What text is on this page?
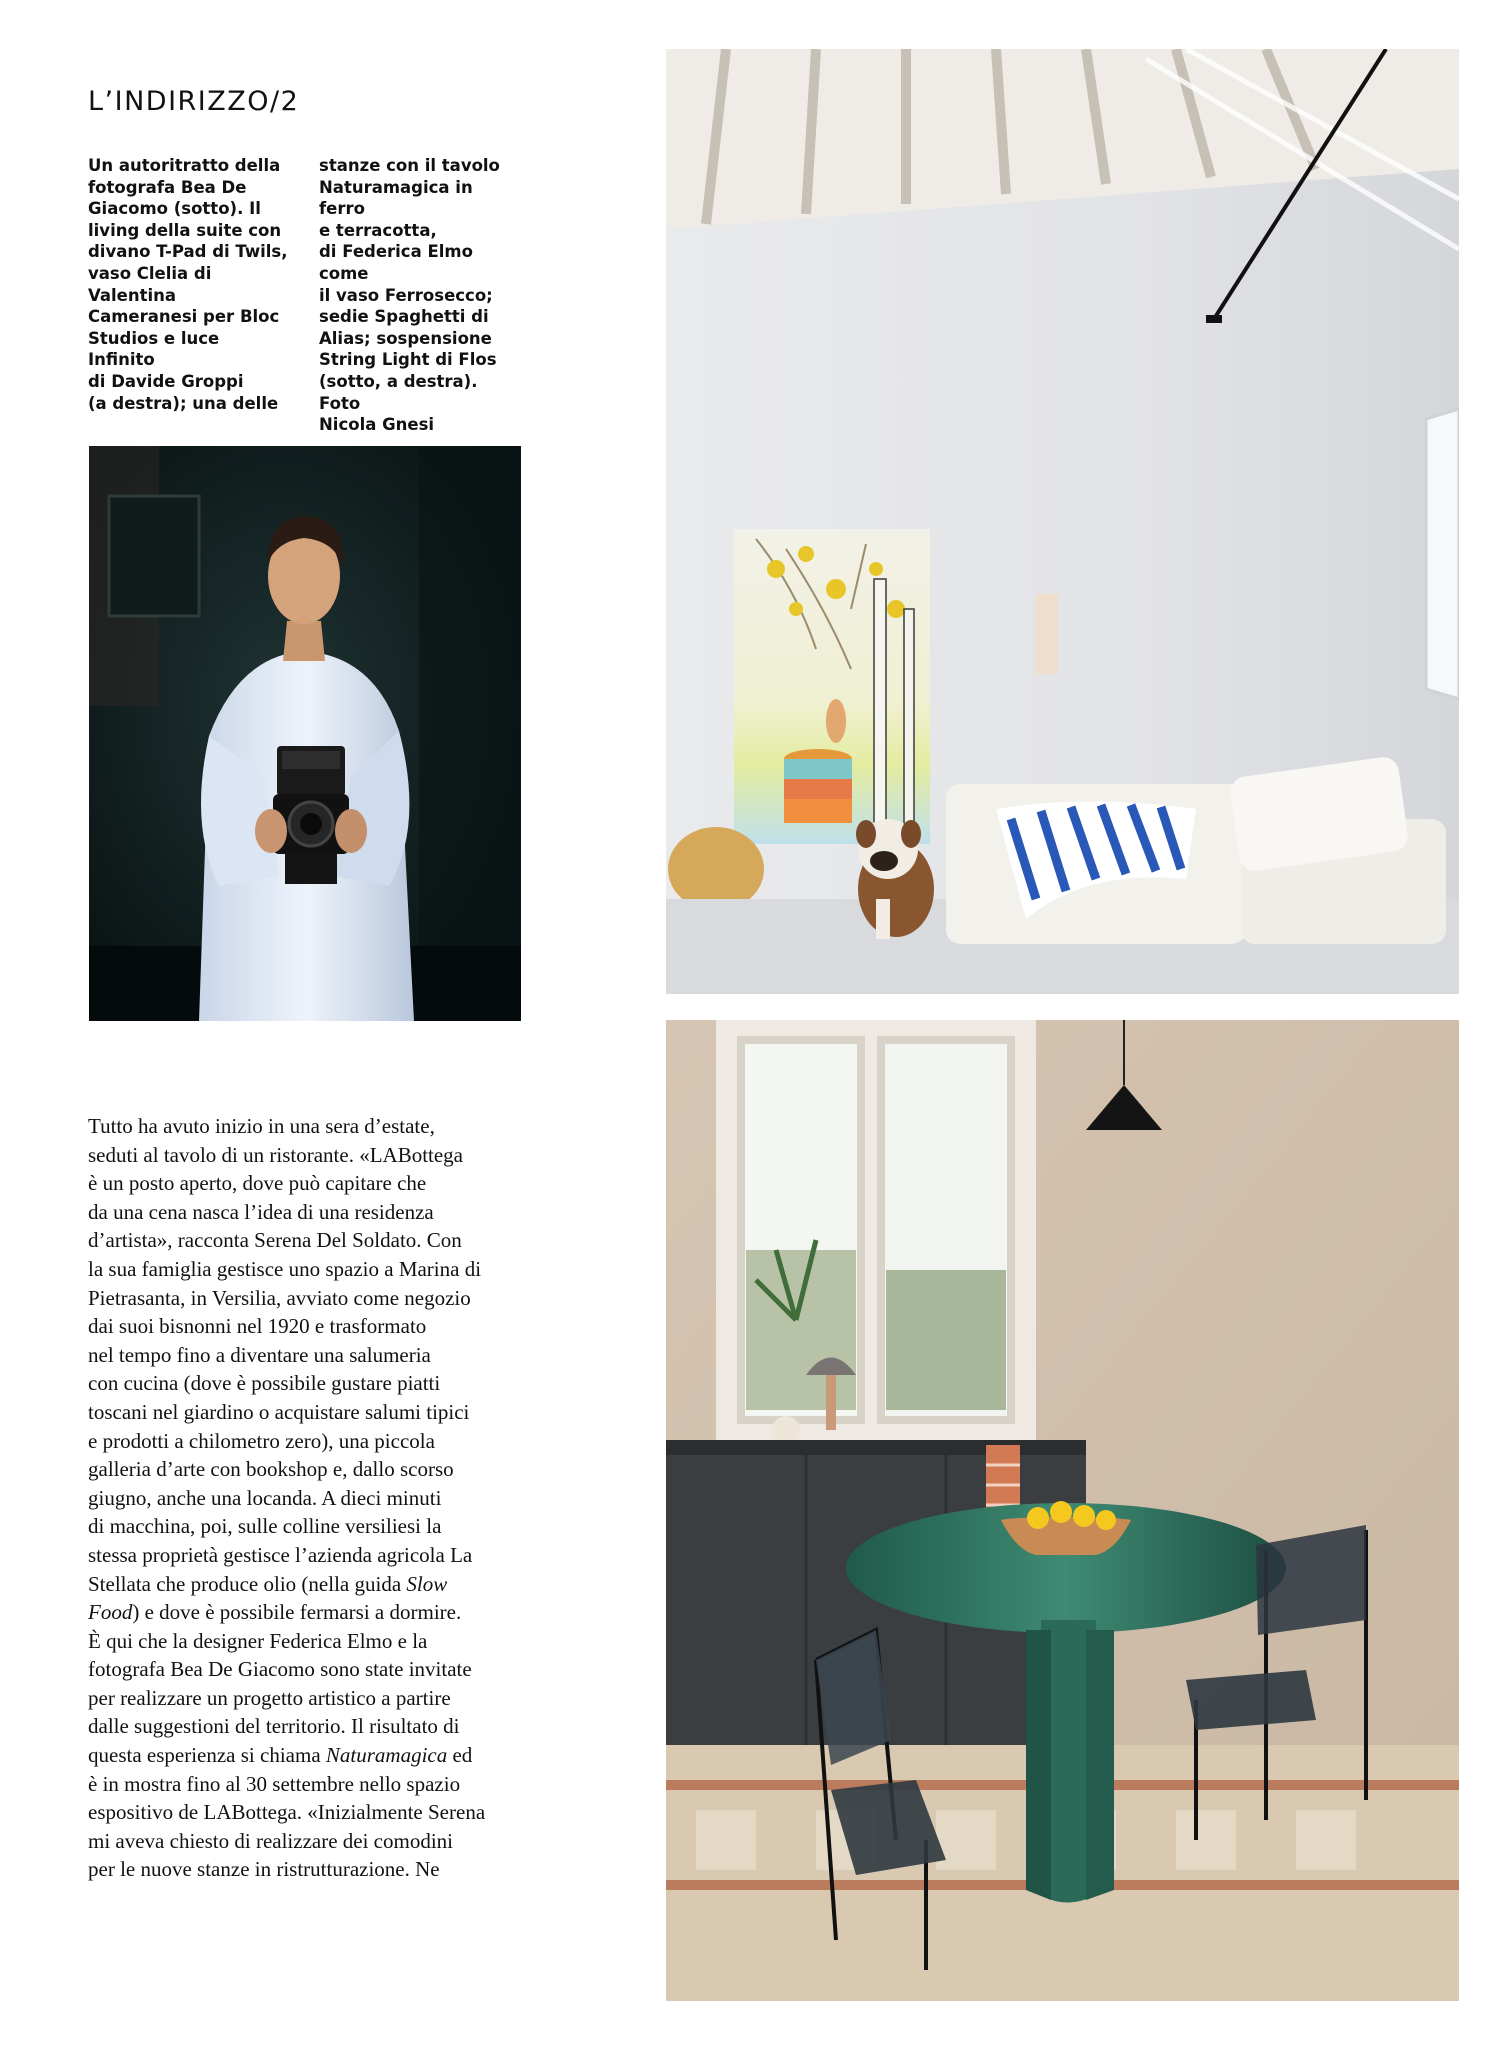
L’INDIRIZZO/2

Un autoritratto della
fotografa Bea De
Giacomo (sotto). Il
living della suite con
divano T-Pad di Twils,
vaso Clelia di Valentina
Cameranesi per Bloc
Studios e luce Infinito
di Davide Groppi
(a destra); una delle

stanze con il tavolo
Naturamagica in ferro
e terracotta,
di Federica Elmo come
il vaso Ferrosecco;
sedie Spaghetti di
Alias; sospensione
String Light di Flos
(sotto, a destra). Foto
Nicola Gnesi

Tutto ha avuto inizio in una sera d’estate,
seduti al tavolo di un ristorante. «LABottega
è un posto aperto, dove può capitare che
da una cena nasca l’idea di una residenza
d’artista», racconta Serena Del Soldato. Con
la sua famiglia gestisce uno spazio a Marina di
Pietrasanta, in Versilia, avviato come negozio
dai suoi bisnonni nel 1920 e trasformato
nel tempo fino a diventare una salumeria
con cucina (dove è possibile gustare piatti
toscani nel giardino o acquistare salumi tipici
e prodotti a chilometro zero), una piccola
galleria d’arte con bookshop e, dallo scorso
giugno, anche una locanda. A dieci minuti
di macchina, poi, sulle colline versiliesi la
stessa proprietà gestisce l’azienda agricola La
Stellata che produce olio (nella guida Slow
Food) e dove è possibile fermarsi a dormire.
È qui che la designer Federica Elmo e la
fotografa Bea De Giacomo sono state invitate
per realizzare un progetto artistico a partire
dalle suggestioni del territorio. Il risultato di
questa esperienza si chiama Naturamagica ed
è in mostra fino al 30 settembre nello spazio
espositivo de LABottega. «Inizialmente Serena
mi aveva chiesto di realizzare dei comodini
per le nuove stanze in ristrutturazione. Ne
